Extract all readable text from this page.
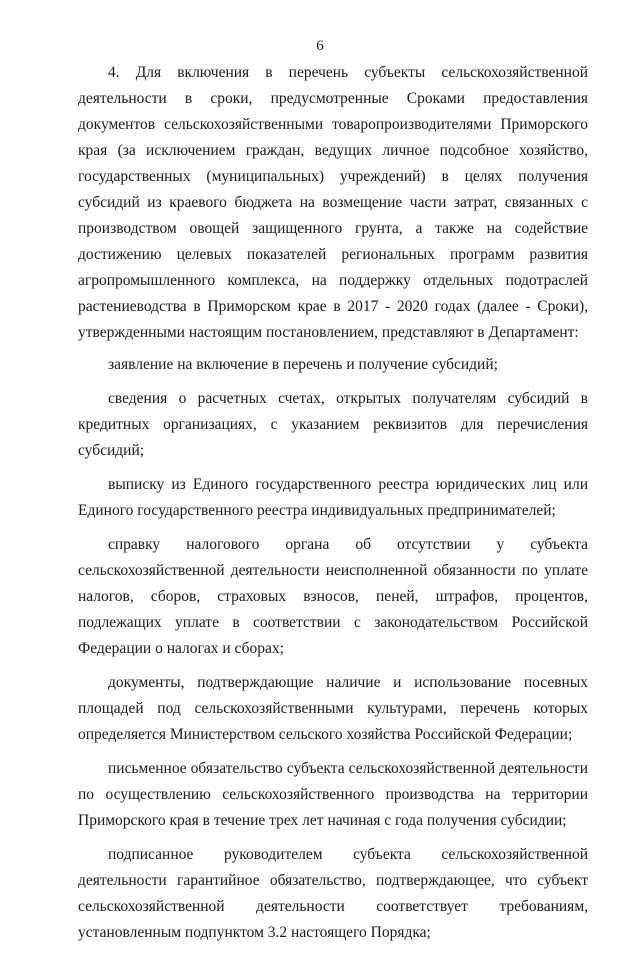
6

4. Для включения в перечень субъекты сельскохозяйственной деятельности в сроки, предусмотренные Сроками предоставления документов сельскохозяйственными товаропроизводителями Приморского края (за исключением граждан, ведущих личное подсобное хозяйство, государственных (муниципальных) учреждений) в целях получения субсидий из краевого бюджета на возмещение части затрат, связанных с производством овощей защищенного грунта, а также на содействие достижению целевых показателей региональных программ развития агропромышленного комплекса, на поддержку отдельных подотраслей растениеводства в Приморском крае в 2017 - 2020 годах (далее - Сроки), утвержденными настоящим постановлением, представляют в Департамент:

заявление на включение в перечень и получение субсидий;

сведения о расчетных счетах, открытых получателям субсидий в кредитных организациях, с указанием реквизитов для перечисления субсидий;

выписку из Единого государственного реестра юридических лиц или Единого государственного реестра индивидуальных предпринимателей;

справку налогового органа об отсутствии у субъекта сельскохозяйственной деятельности неисполненной обязанности по уплате налогов, сборов, страховых взносов, пеней, штрафов, процентов, подлежащих уплате в соответствии с законодательством Российской Федерации о налогах и сборах;

документы, подтверждающие наличие и использование посевных площадей под сельскохозяйственными культурами, перечень которых определяется Министерством сельского хозяйства Российской Федерации;

письменное обязательство субъекта сельскохозяйственной деятельности по осуществлению сельскохозяйственного производства на территории Приморского края в течение трех лет начиная с года получения субсидии;

подписанное руководителем субъекта сельскохозяйственной деятельности гарантийное обязательство, подтверждающее, что субъект сельскохозяйственной деятельности соответствует требованиям, установленным подпунктом 3.2 настоящего Порядка;
